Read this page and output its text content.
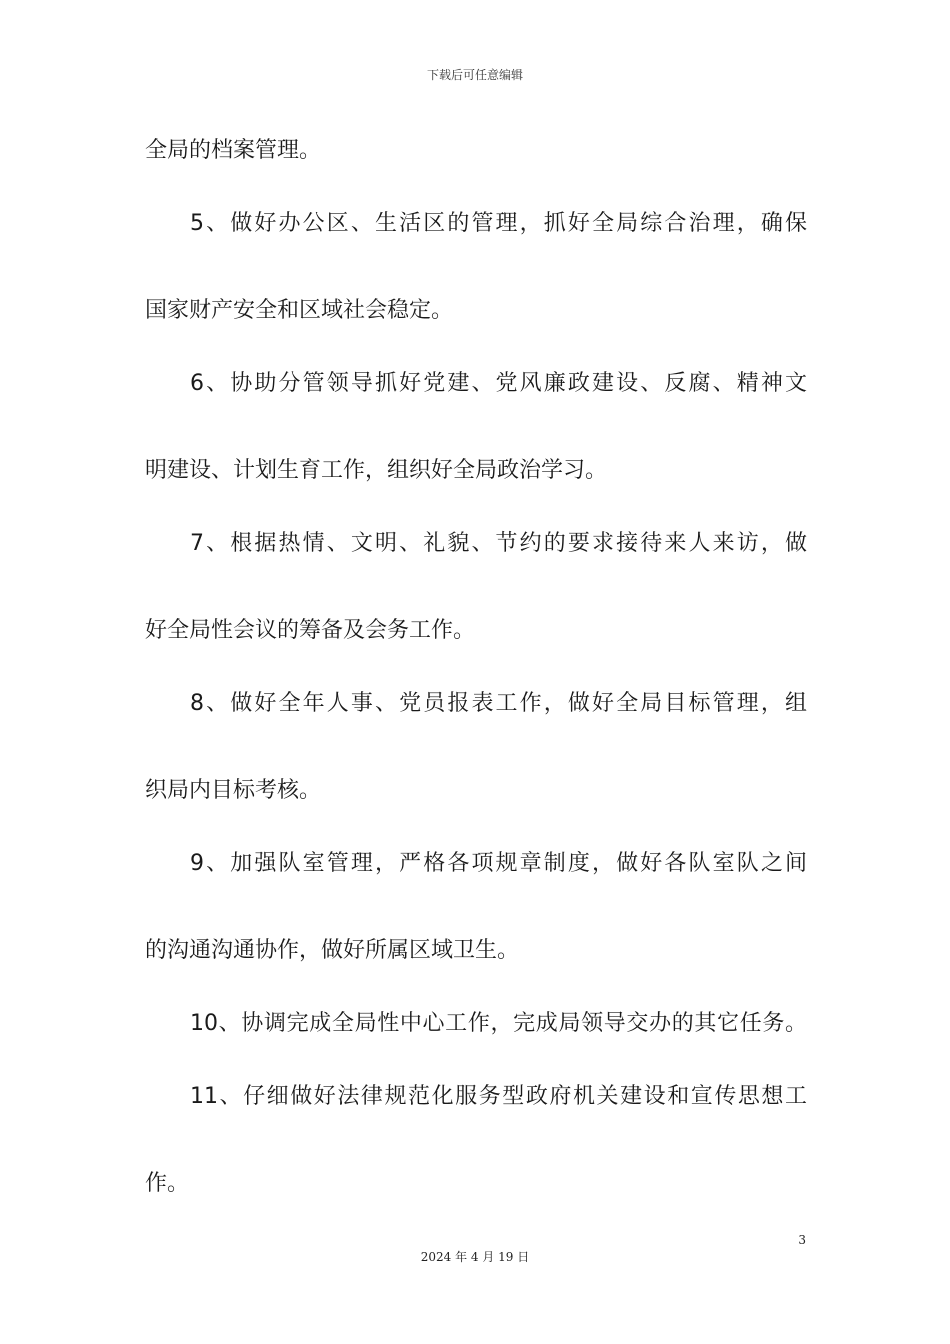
下载后可任意编辑
全局的档案管理。
5、做好办公区、生活区的管理，抓好全局综合治理，确保
国家财产安全和区域社会稳定。
6、协助分管领导抓好党建、党风廉政建设、反腐、精神文
明建设、计划生育工作，组织好全局政治学习。
7、根据热情、文明、礼貌、节约的要求接待来人来访，做
好全局性会议的筹备及会务工作。
8、做好全年人事、党员报表工作，做好全局目标管理，组
织局内目标考核。
9、加强队室管理，严格各项规章制度，做好各队室队之间
的沟通沟通协作，做好所属区域卫生。
10、协调完成全局性中心工作，完成局领导交办的其它任务。
11、仔细做好法律规范化服务型政府机关建设和宣传思想工
作。
3
2024 年 4 月 19 日
